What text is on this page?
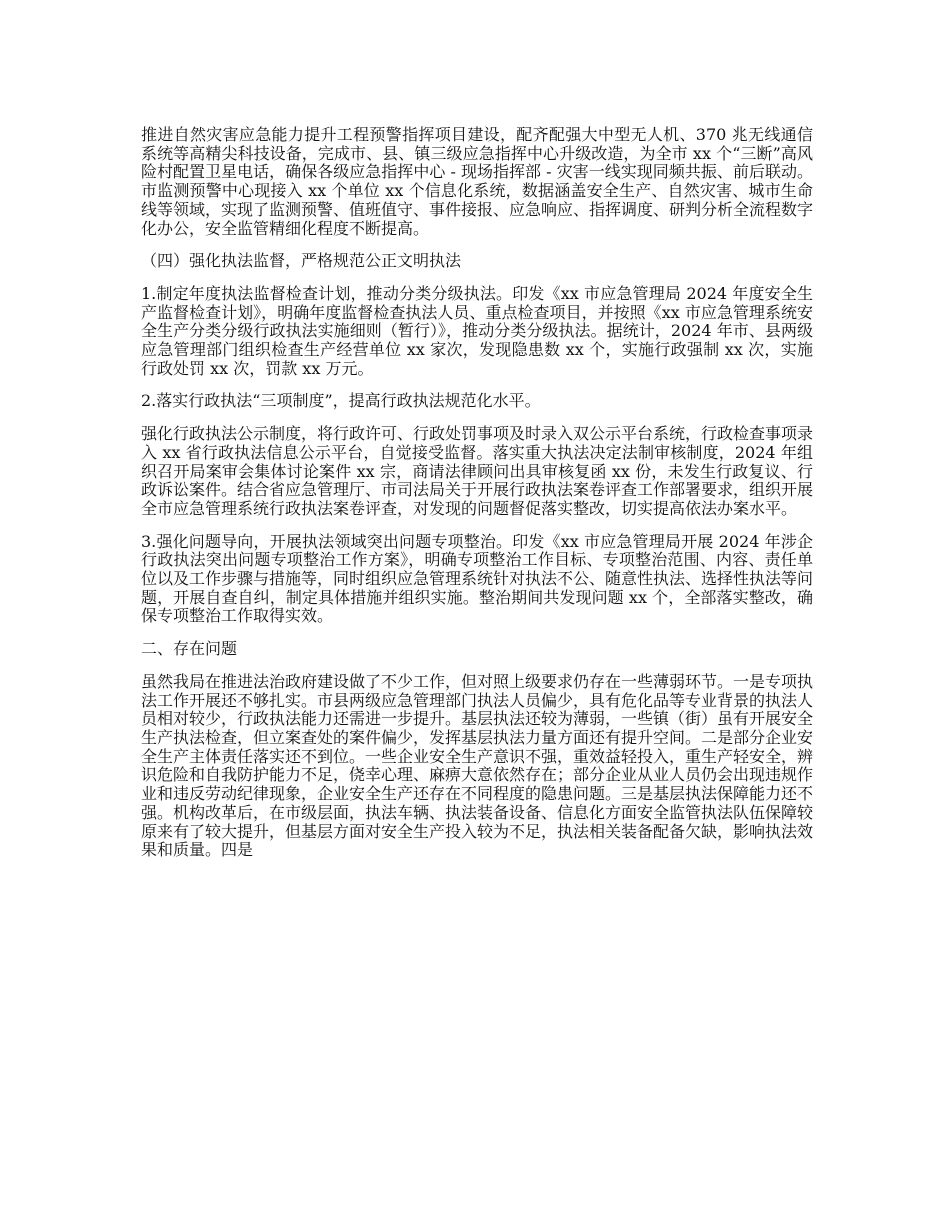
推进自然灾害应急能力提升工程预警指挥项目建设，配齐配强大中型无人机、370 兆无线通信系统等高精尖科技设备，完成市、县、镇三级应急指挥中心升级改造，为全市 xx 个“三断”高风险村配置卫星电话，确保各级应急指挥中心 - 现场指挥部 - 灾害一线实现同频共振、前后联动。市监测预警中心现接入 xx 个单位 xx 个信息化系统，数据涵盖安全生产、自然灾害、城市生命线等领域，实现了监测预警、值班值守、事件接报、应急响应、指挥调度、研判分析全流程数字化办公，安全监管精细化程度不断提高。

（四）强化执法监督，严格规范公正文明执法

1.制定年度执法监督检查计划，推动分类分级执法。印发《xx 市应急管理局 2024 年度安全生产监督检查计划》，明确年度监督检查执法人员、重点检查项目，并按照《xx 市应急管理系统安全生产分类分级行政执法实施细则（暂行）》，推动分类分级执法。据统计，2024 年市、县两级应急管理部门组织检查生产经营单位 xx 家次，发现隐患数 xx 个，实施行政强制 xx 次，实施行政处罚 xx 次，罚款 xx 万元。

2.落实行政执法“三项制度”，提高行政执法规范化水平。

强化行政执法公示制度，将行政许可、行政处罚事项及时录入双公示平台系统，行政检查事项录入 xx 省行政执法信息公示平台，自觉接受监督。落实重大执法决定法制审核制度，2024 年组织召开局案审会集体讨论案件 xx 宗，商请法律顾问出具审核复函 xx 份，未发生行政复议、行政诉讼案件。结合省应急管理厅、市司法局关于开展行政执法案卷评查工作部署要求，组织开展全市应急管理系统行政执法案卷评查，对发现的问题督促落实整改，切实提高依法办案水平。

3.强化问题导向，开展执法领域突出问题专项整治。印发《xx 市应急管理局开展 2024 年涉企行政执法突出问题专项整治工作方案》，明确专项整治工作目标、专项整治范围、内容、责任单位以及工作步骤与措施等，同时组织应急管理系统针对执法不公、随意性执法、选择性执法等问题，开展自查自纠，制定具体措施并组织实施。整治期间共发现问题 xx 个，全部落实整改，确保专项整治工作取得实效。

二、存在问题

虽然我局在推进法治政府建设做了不少工作，但对照上级要求仍存在一些薄弱环节。一是专项执法工作开展还不够扎实。市县两级应急管理部门执法人员偏少，具有危化品等专业背景的执法人员相对较少，行政执法能力还需进一步提升。基层执法还较为薄弱，一些镇（街）虽有开展安全生产执法检查，但立案查处的案件偏少，发挥基层执法力量方面还有提升空间。二是部分企业安全生产主体责任落实还不到位。一些企业安全生产意识不强，重效益轻投入，重生产轻安全，辨识危险和自我防护能力不足，侥幸心理、麻痹大意依然存在；部分企业从业人员仍会出现违规作业和违反劳动纪律现象，企业安全生产还存在不同程度的隐患问题。三是基层执法保障能力还不强。机构改革后，在市级层面，执法车辆、执法装备设备、信息化方面安全监管执法队伍保障较原来有了较大提升，但基层方面对安全生产投入较为不足，执法相关装备配备欠缺，影响执法效果和质量。四是
